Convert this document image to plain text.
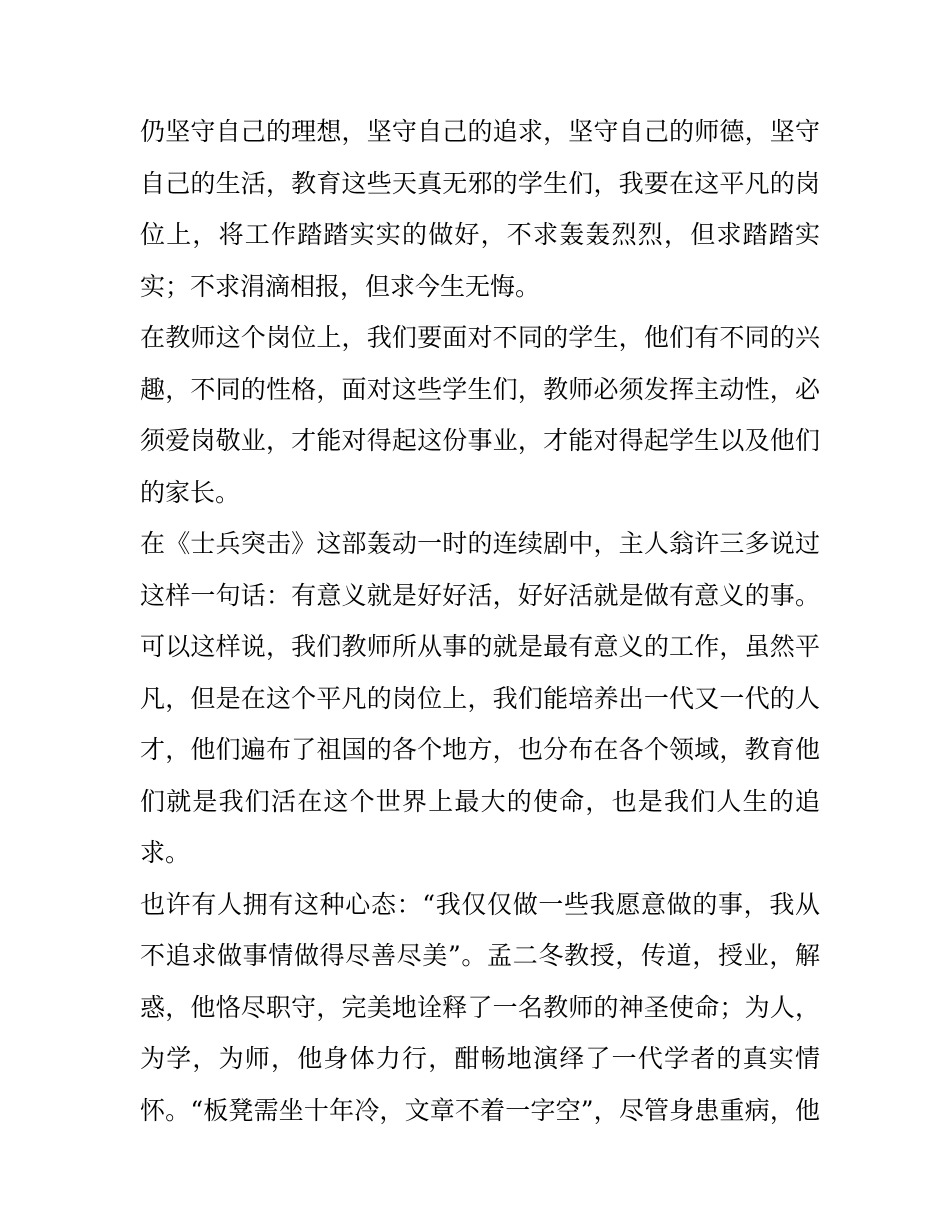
仍坚守自己的理想，坚守自己的追求，坚守自己的师德，坚守
自己的生活，教育这些天真无邪的学生们，我要在这平凡的岗
位上，将工作踏踏实实的做好，不求轰轰烈烈，但求踏踏实
实；不求涓滴相报，但求今生无悔。
在教师这个岗位上，我们要面对不同的学生，他们有不同的兴
趣，不同的性格，面对这些学生们，教师必须发挥主动性，必
须爱岗敬业，才能对得起这份事业，才能对得起学生以及他们
的家长。
在《士兵突击》这部轰动一时的连续剧中，主人翁许三多说过
这样一句话：有意义就是好好活，好好活就是做有意义的事。
可以这样说，我们教师所从事的就是最有意义的工作，虽然平
凡，但是在这个平凡的岗位上，我们能培养出一代又一代的人
才，他们遍布了祖国的各个地方，也分布在各个领域，教育他
们就是我们活在这个世界上最大的使命，也是我们人生的追
求。
也许有人拥有这种心态：“我仅仅做一些我愿意做的事，我从
不追求做事情做得尽善尽美”。孟二冬教授，传道，授业，解
惑，他恪尽职守，完美地诠释了一名教师的神圣使命；为人，
为学，为师，他身体力行，酣畅地演绎了一代学者的真实情
怀。“板凳需坐十年冷，文章不着一字空”，尽管身患重病，他
